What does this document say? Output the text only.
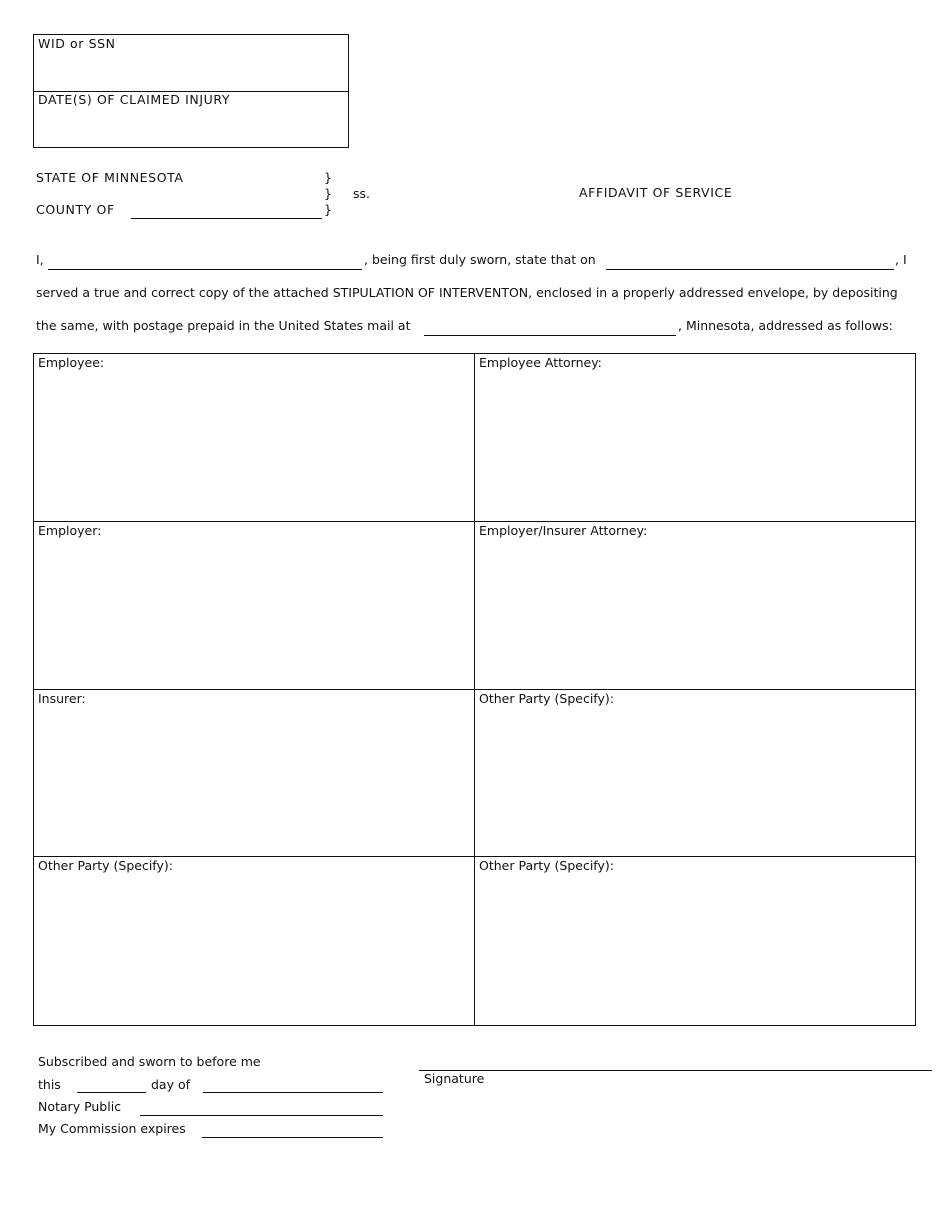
WID or SSN
DATE(S) OF CLAIMED INJURY
STATE OF MINNESOTA	}
}
}
ss.
COUNTY OF
AFFIDAVIT OF SERVICE
I,	, being first duly sworn, state that on	, I
served a true and correct copy of the attached STIPULATION OF INTERVENTON, enclosed in a properly addressed envelope, by depositing
the same, with postage prepaid in the United States mail at	, Minnesota, addressed as follows:
Employee:	Employee Attorney:
Employer:	Employer/Insurer Attorney:
Insurer:	Other Party (Specify):
Other Party (Specify):	Other Party (Specify):
Subscribed and sworn to before me
this	day of
Notary Public
My Commission expires
Signature
